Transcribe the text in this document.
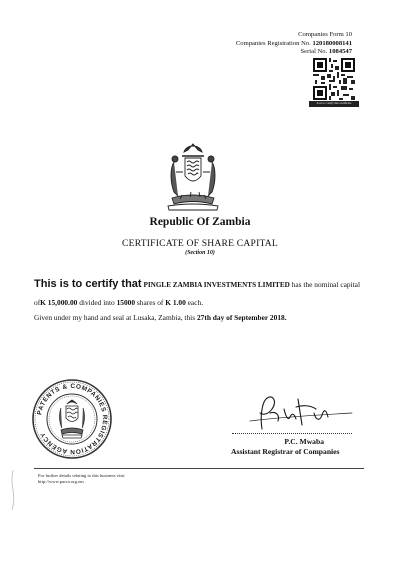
Companies Form 10
Companies Registration No. 120180008141
Serial No. 1084547
Scan to verify this certificate
Republic Of Zambia
CERTIFICATE OF SHARE CAPITAL
(Section 10)
This is to certify that PINGLE ZAMBIA INVESTMENTS LIMITED has the nominal capital
ofK 15,000.00 divided into 15000 shares of K 1.00 each.
Given under my hand and seal at Lusaka, Zambia, this 27th day of September 2018.
PATENTS & COMPANIES REGISTRATION AGENCY
P.C. Mwaba
Assistant Registrar of Companies
For further details relating to this business visit
http://www.pacra.org.zm
